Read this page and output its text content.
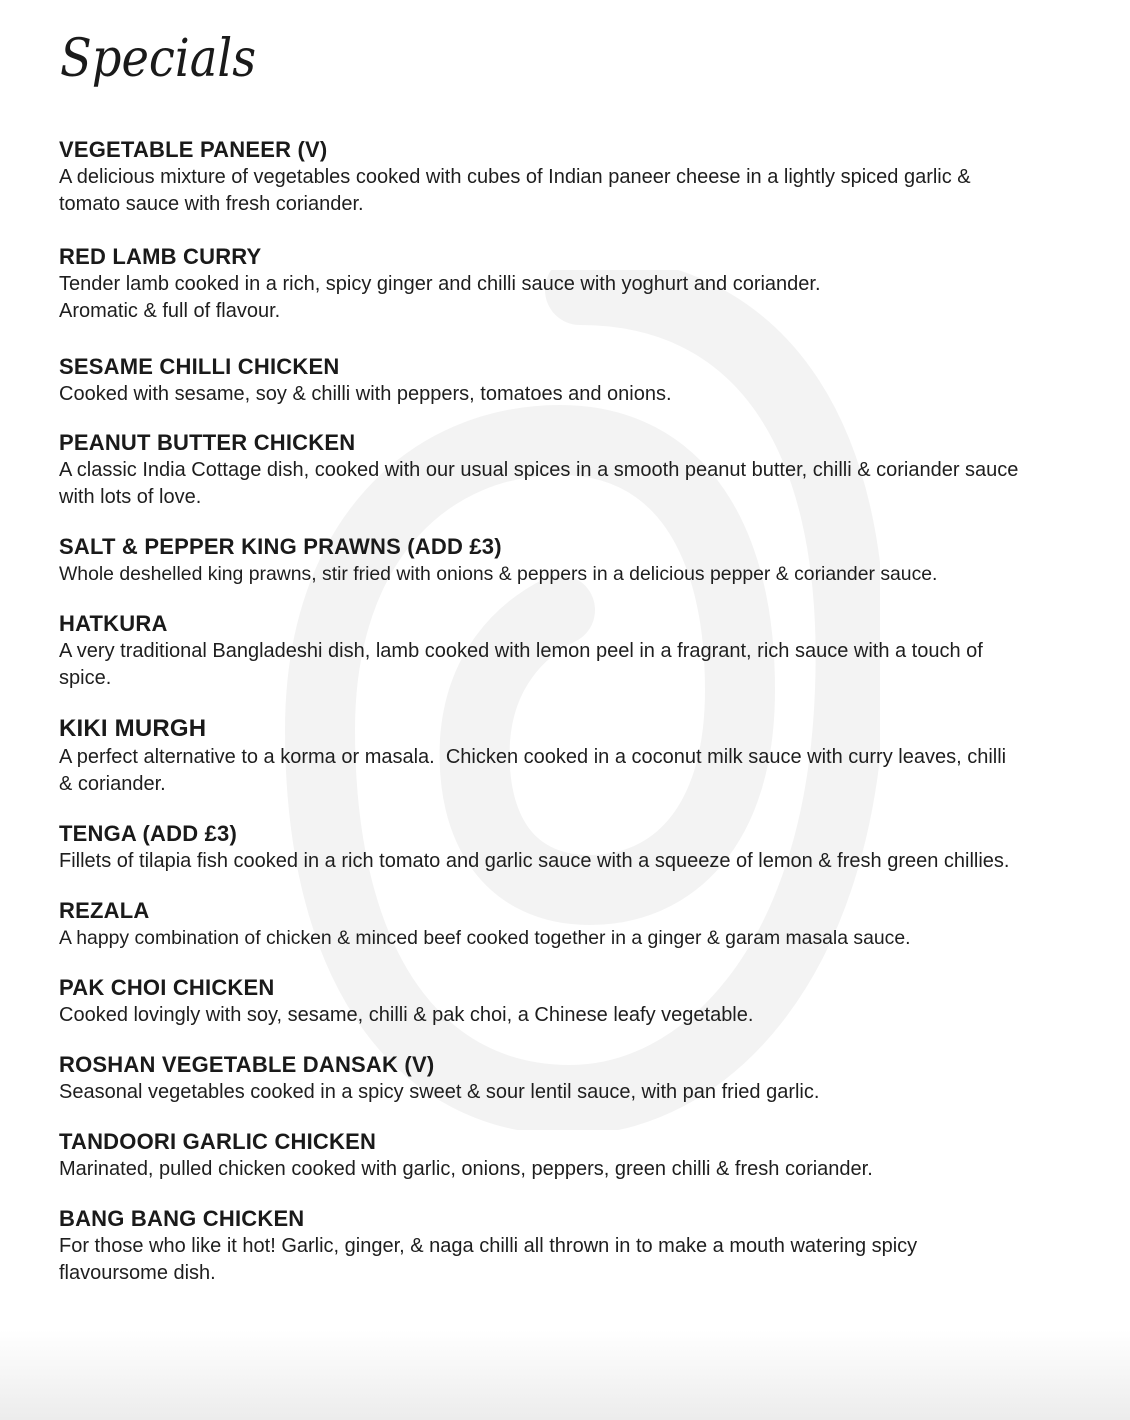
Specials
VEGETABLE PANEER (V)
A delicious mixture of vegetables cooked with cubes of Indian paneer cheese in a lightly spiced garlic & tomato sauce with fresh coriander.
RED LAMB CURRY
Tender lamb cooked in a rich, spicy ginger and chilli sauce with yoghurt and coriander.
Aromatic & full of flavour.
SESAME CHILLI CHICKEN
Cooked with sesame, soy & chilli with peppers, tomatoes and onions.
PEANUT BUTTER CHICKEN
A classic India Cottage dish, cooked with our usual spices in a smooth peanut butter, chilli & coriander sauce with lots of love.
SALT & PEPPER KING PRAWNS (ADD £3)
Whole deshelled king prawns, stir fried with onions & peppers in a delicious pepper & coriander sauce.
HATKURA
A very traditional Bangladeshi dish, lamb cooked with lemon peel in a fragrant, rich sauce with a touch of spice.
KIKI MURGH
A perfect alternative to a korma or masala.  Chicken cooked in a coconut milk sauce with curry leaves, chilli & coriander.
TENGA (ADD £3)
Fillets of tilapia fish cooked in a rich tomato and garlic sauce with a squeeze of lemon & fresh green chillies.
REZALA
A happy combination of chicken & minced beef cooked together in a ginger & garam masala sauce.
PAK CHOI CHICKEN
Cooked lovingly with soy, sesame, chilli & pak choi, a Chinese leafy vegetable.
ROSHAN VEGETABLE DANSAK (V)
Seasonal vegetables cooked in a spicy sweet & sour lentil sauce, with pan fried garlic.
TANDOORI GARLIC CHICKEN
Marinated, pulled chicken cooked with garlic, onions, peppers, green chilli & fresh coriander.
BANG BANG CHICKEN
For those who like it hot! Garlic, ginger, & naga chilli all thrown in to make a mouth watering spicy flavoursome dish.
